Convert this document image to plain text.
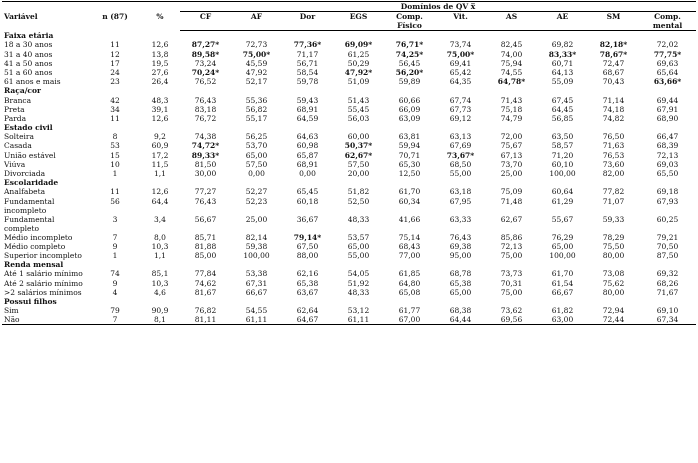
Variável	n (87)	%	Domínios de QV x̅									
			CF	AF	Dor	EGS	Comp. Físico	Vit.	AS	AE	SM	Comp. mental
Faixa etária												
18 a 30 anos	11	12,6	87,27*	72,73	77,36*	69,09*	76,71*	73,74	82,45	69,82	82,18*	72,02
31 a 40 anos	12	13,8	89,58*	75,00*	71,17	61,25	74,25*	75,00*	74,00	83,33*	78,67*	77,75*
41 a 50 anos	17	19,5	73,24	45,59	56,71	50,29	56,45	69,41	75,94	60,71	72,47	69,63
51 a 60 anos	24	27,6	70,24*	47,92	58,54	47,92*	56,20*	65,42	74,55	64,13	68,67	65,64
61 anos e mais	23	26,4	76,52	52,17	59,78	51,09	59,89	64,35	64,78*	55,09	70,43	63,66*
Raça/cor												
Branca	42	48,3	76,43	55,36	59,43	51,43	60,66	67,74	71,43	67,45	71,14	69,44
Preta	34	39,1	83,18	56,82	68,91	55,45	66,09	67,73	75,18	64,45	74,18	67,91
Parda	11	12,6	76,72	55,17	64,59	56,03	63,09	69,12	74,79	56,85	74,82	68,90
Estado civil												
Solteira	8	9,2	74,38	56,25	64,63	60,00	63,81	63,13	72,00	63,50	76,50	66,47
Casada	53	60,9	74,72*	53,70	60,98	50,37*	59,94	67,69	75,67	58,57	71,63	68,39
União estável	15	17,2	89,33*	65,00	65,87	62,67*	70,71	73,67*	67,13	71,20	76,53	72,13
Viúva	10	11,5	81,50	57,50	68,91	57,50	65,30	68,50	73,70	60,10	73,60	69,03
Divorciada	1	1,1	30,00	0,00	0,00	20,00	12,50	55,00	25,00	100,00	82,00	65,50
Escolaridade												
Analfabeta	11	12,6	77,27	52,27	65,45	51,82	61,70	63,18	75,09	60,64	77,82	69,18
Fundamental incompleto	56	64,4	76,43	52,23	60,18	52,50	60,34	67,95	71,48	61,29	71,07	67,93
Fundamental completo	3	3,4	56,67	25,00	36,67	48,33	41,66	63,33	62,67	55,67	59,33	60,25
Médio incompleto	7	8,0	85,71	82,14	79,14*	53,57	75,14	76,43	85,86	76,29	78,29	79,21
Médio completo	9	10,3	81,88	59,38	67,50	65,00	68,43	69,38	72,13	65,00	75,50	70,50
Superior incompleto	1	1,1	85,00	100,00	88,00	55,00	77,00	95,00	75,00	100,00	80,00	87,50
Renda mensal												
Até 1 salário mínimo	74	85,1	77,84	53,38	62,16	54,05	61,85	68,78	73,73	61,70	73,08	69,32
Até 2 salário mínimo	9	10,3	74,62	67,31	65,38	51,92	64,80	65,38	70,31	61,54	75,62	68,26
>2 salários mínimos	4	4,6	81,67	66,67	63,67	48,33	65,08	65,00	75,00	66,67	80,00	71,67
Possui filhos												
Sim	79	90,9	76,82	54,55	62,64	53,12	61,77	68,38	73,62	61,82	72,94	69,10
Não	7	8,1	81,11	61,11	64,67	61,11	67,00	64,44	69,56	63,00	72,44	67,34
